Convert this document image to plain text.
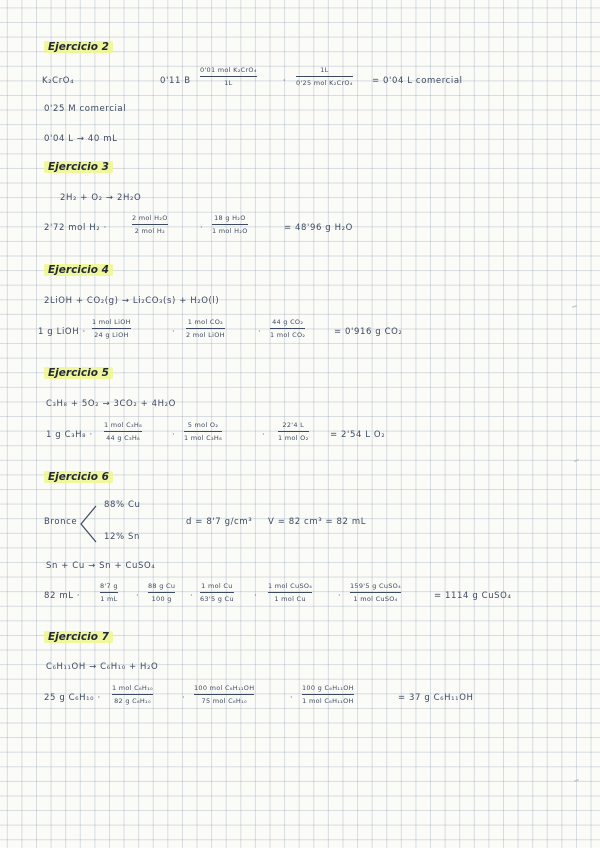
Ejercicio 2
K₂CrO₄	0'11 B
0'01 mol K₂CrO₄
1L	·
1L
0'25 mol K₂CrO₄ = 0'04 L comercial
0'25 M comercial
0'04 L → 40 mL
Ejercicio 3
2H₂ + O₂ → 2H₂O
2'72 mol H₂ ·
2 mol H₂O
2 mol H₂	·
18 g H₂O
1 mol H₂O	= 48'96 g H₂O
Ejercicio 4
2LiOH + CO₂(g) → Li₂CO₃(s) + H₂O(l)
1 g LiOH ·
1 mol LiOH
24 g LiOH	·
1 mol CO₂
2 mol LiOH	·
44 g CO₂
1 mol CO₂	= 0'916 g CO₂
Ejercicio 5
C₃H₈ + 5O₂ → 3CO₂ + 4H₂O
1 g C₃H₈ ·
1 mol C₃H₈
44 g C₃H₈	·
5 mol O₂
1 mol C₃H₈	·
22'4 L
1 mol O₂	= 2'54 L O₂
Ejercicio 6
Bronce
88% Cu
12% Sn
d = 8'7 g/cm³ V = 82 cm³ = 82 mL
Sn + Cu → Sn + CuSO₄
82 mL ·
8'7 g
1 mL ·
88 g Cu
100 g ·
1 mol Cu
63'5 g Cu	·
1 mol CuSO₄
1 mol Cu	·
159'5 g CuSO₄
1 mol CuSO₄	= 1114 g CuSO₄
Ejercicio 7
C₆H₁₁OH → C₆H₁₀ + H₂O
25 g C₆H₁₀ ·
1 mol C₆H₁₀
82 g C₆H₁₀	·
100 mol C₆H₁₁OH
75 mol C₆H₁₀	·
100 g C₆H₁₁OH
1 mol C₆H₁₁OH	= 37 g C₆H₁₁OH
